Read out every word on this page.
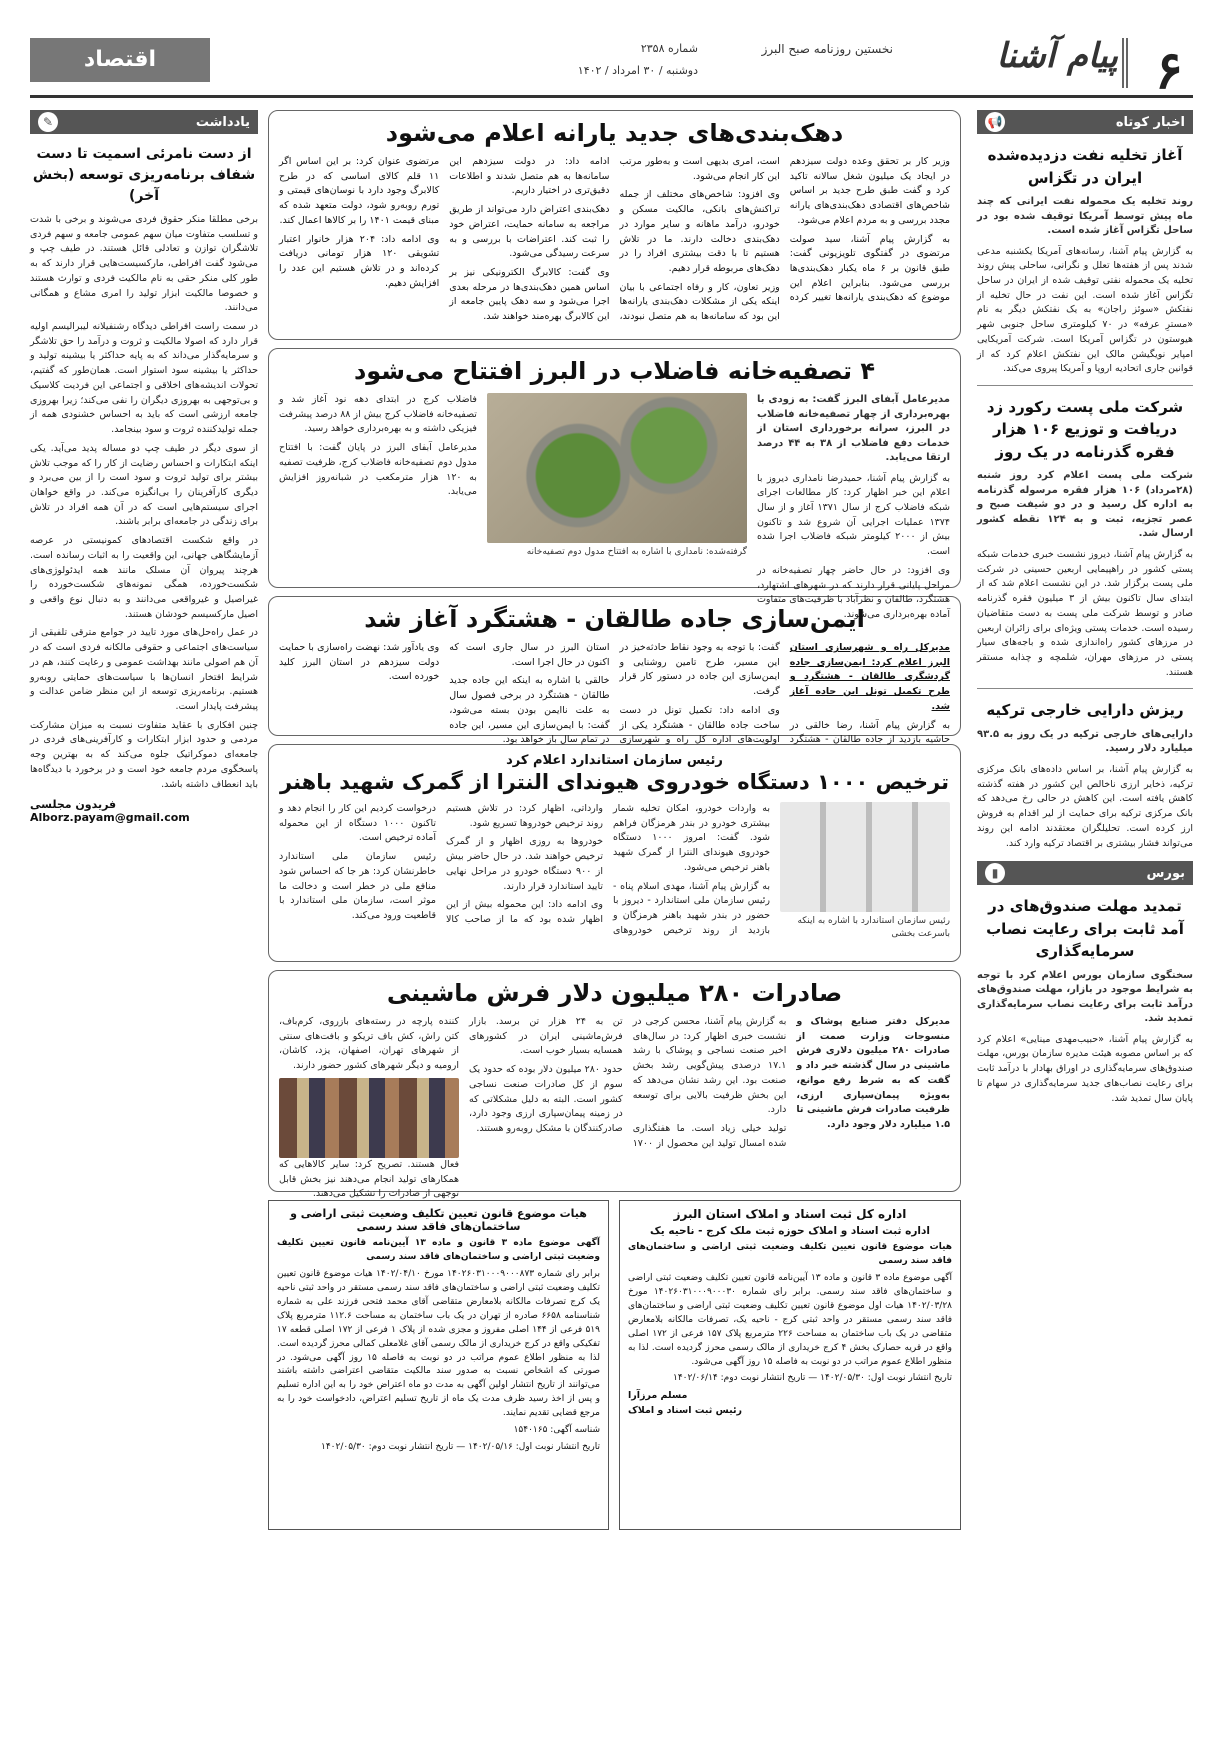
۶
پیام آشنا
نخستین روزنامه صبح البرز
شماره ۲۳۵۸
دوشنبه / ۳۰ امرداد / ۱۴۰۲
اقتصاد
اخبار کوتاه
📢
آغاز تخلیه نفت دزدیده‌شده ایران در تگزاس
روند تخلیه یک محموله نفت ایرانی که چند ماه پیش توسط آمریکا توقیف شده بود در ساحل تگزاس آغاز شده است.

به گزارش پیام آشنا، رسانه‌های آمریکا یکشنبه مدعی شدند پس از هفته‌ها تعلل و نگرانی، ساحلی پیش روند تخلیه یک محموله نفتی توقیف شده از ایران در ساحل تگزاس آغاز شده است. این نفت در حال تخلیه از نفتکش «سوئز راجان» به یک نفتکش دیگر به نام «مسترِ عرفه» در ۷۰ کیلومتری ساحل جنوبی شهر هیوستون در تگزاس آمریکا است. شرکت آمریکایی امپایر نویگیشن مالک این نفتکش اعلام کرد که از قوانین جاری اتحادیه اروپا و آمریکا پیروی می‌کند.

شرکت ملی پست رکورد زد دریافت و توزیع ۱۰۶ هزار فقره گذرنامه در یک روز
شرکت ملی پست اعلام کرد روز شنبه (۲۸مرداد) ۱۰۶ هزار فقره مرسوله گذرنامه به اداره کل رسید و در دو شیفت صبح و عصر تجزیه، ثبت و به ۱۲۴ نقطه کشور ارسال شد.

به گزارش پیام آشنا، دیروز نشست خبری خدمات شبکه پستی کشور در راهپیمایی اربعین حسینی در شرکت ملی پست برگزار شد. در این نشست اعلام شد که از ابتدای سال تاکنون بیش از ۳ میلیون فقره گذرنامه صادر و توسط شرکت ملی پست به دست متقاضیان رسیده است. خدمات پستی ویژه‌ای برای زائران اربعین در مرزهای کشور راه‌اندازی شده و باجه‌های سیار پستی در مرزهای مهران، شلمچه و چذابه مستقر هستند.

ریزش دارایی خارجی ترکیه
دارایی‌های خارجی ترکیه در یک روز به ۹۳.۵ میلیارد دلار رسید.

به گزارش پیام آشنا، بر اساس داده‌های بانک مرکزی ترکیه، ذخایر ارزی ناخالص این کشور در هفته گذشته کاهش یافته است. این کاهش در حالی رخ می‌دهد که بانک مرکزی ترکیه برای حمایت از لیر اقدام به فروش ارز کرده است. تحلیلگران معتقدند ادامه این روند می‌تواند فشار بیشتری بر اقتصاد ترکیه وارد کند.

بورس
▮
تمدید مهلت صندوق‌های در آمد ثابت برای رعایت نصاب سرمایه‌گذاری
سخنگوی سازمان بورس اعلام کرد با توجه به شرایط موجود در بازار، مهلت صندوق‌های درآمد ثابت برای رعایت نصاب سرمایه‌گذاری تمدید شد.

به گزارش پیام آشنا، «حبیب‌مهدی مینایی» اعلام کرد که بر اساس مصوبه هیئت مدیره سازمان بورس، مهلت صندوق‌های سرمایه‌گذاری در اوراق بهادار با درآمد ثابت برای رعایت نصاب‌های جدید سرمایه‌گذاری در سهام تا پایان سال تمدید شد.

یادداشت
✎
از دست نامرئی اسمیت تا دست شفاف برنامه‌ریزی توسعه (بخش آخر)

برخی مطلقا منکر حقوق فردی می‌شوند و برخی با شدت و تسلسب متفاوت میان سهم عمومی جامعه و سهم فردی تلاشگران توازن و تعادلی قائل هستند. در طیف چپ و می‌شود گفت افراطی، مارکسیست‌هایی قرار دارند که به طور کلی منکر حقی به نام مالکیت فردی و توارث هستند و خصوصا مالکیت ابزار تولید را امری مشاع و همگانی می‌دانند.

در سمت راست افراطی دیدگاه رشنفیلانه لیبرالیسم اولیه قرار دارد که اصولا مالکیت و ثروت و درآمد را حق تلاشگر و سرمایه‌گذار می‌داند که به پایه حداکثر یا بیشینه تولید و حداکثر یا بیشینه سود استوار است. همان‌طور که گفتیم، تحولات اندیشه‌های اخلاقی و اجتماعی این فردیت کلاسیک و بی‌توجهی به بهروزی دیگران را نفی می‌کند؛ زیرا بهروزی جامعه ارزشی است که باید به احساس خشنودی همه از جمله تولیدکننده ثروت و سود بینجامد.

از سوی دیگر در طیف چپ دو مساله پدید می‌آید. یکی اینکه ابتکارات و احساس رضایت از کار را که موجب تلاش بیشتر برای تولید ثروت و سود است را از بین می‌برد و دیگری کارآفرینان را بی‌انگیزه می‌کند. در واقع خواهان اجرای سیستم‌هایی است که در آن همه افراد در تلاش برای زندگی در جامعه‌ای برابر باشند.

در واقع شکست اقتصادهای کمونیستی در عرصه آزمایشگاهی جهانی، این واقعیت را به اثبات رسانده است. هرچند پیروان آن مسلک مانند همه ایدئولوژی‌های شکست‌خورده، همگی نمونه‌های شکست‌خورده را غیراصیل و غیرواقعی می‌دانند و به دنبال نوع واقعی و اصیل مارکسیسم خودشان هستند.

در عمل راه‌حل‌های مورد تایید در جوامع مترقی تلفیقی از سیاست‌های اجتماعی و حقوقی مالکانه فردی است که در آن هم اصولی مانند بهداشت عمومی و رعایت کنند، هم در شرایط افتخار انسان‌ها با سیاست‌های حمایتی روبه‌رو هستیم. برنامه‌ریزی توسعه از این منظر ضامن عدالت و پیشرفت پایدار است.

چنین افکاری با عقاید متفاوت نسبت به میزان مشارکت مردمی و حدود ابزار ابتکارات و کارآفرینی‌های فردی در جامعه‌ای دموکراتیک جلوه می‌کند که به بهترین وجه پاسخگوی مردم جامعه خود است و در برخورد با دیدگاه‌ها باید انعطاف داشته باشد.

فریدون مجلسی
Alborz.payam@gmail.com
دهک‌بندی‌های جدید یارانه اعلام می‌شود

وزیر کار بر تحقق وعده دولت سیزدهم در ایجاد یک میلیون شغل سالانه تاکید کرد و گفت طبق طرح جدید بر اساس شاخص‌های اقتصادی دهک‌بندی‌های یارانه مجدد بررسی و به مردم اعلام می‌شود.

به گزارش پیام آشنا، سید صولت مرتضوی در گفتگوی تلویزیونی گفت: طبق قانون بر ۶ ماه یکبار دهک‌بندی‌ها بررسی می‌شود. بنابراین اعلام این موضوع که دهک‌بندی یارانه‌ها تغییر کرده است، امری بدیهی است و به‌طور مرتب این کار انجام می‌شود.

وی افزود: شاخص‌های مختلف از جمله تراکنش‌های بانکی، مالکیت مسکن و خودرو، درآمد ماهانه و سایر موارد در دهک‌بندی دخالت دارند. ما در تلاش هستیم تا با دقت بیشتری افراد را در دهک‌های مربوطه قرار دهیم.

وزیر تعاون، کار و رفاه اجتماعی با بیان اینکه یکی از مشکلات دهک‌بندی یارانه‌ها این بود که سامانه‌ها به هم متصل نبودند، ادامه داد: در دولت سیزدهم این سامانه‌ها به هم متصل شدند و اطلاعات دقیق‌تری در اختیار داریم.

دهک‌بندی اعتراض دارد می‌تواند از طریق مراجعه به سامانه حمایت، اعتراض خود را ثبت کند. اعتراضات با بررسی و به سرعت رسیدگی می‌شود.

وی گفت: کالابرگ الکترونیکی نیز بر اساس همین دهک‌بندی‌ها در مرحله بعدی اجرا می‌شود و سه دهک پایین جامعه از این کالابرگ بهره‌مند خواهند شد.

مرتضوی عنوان کرد: بر این اساس اگر ۱۱ قلم کالای اساسی که در طرح کالابرگ وجود دارد با نوسان‌های قیمتی و تورم روبه‌رو شود، دولت متعهد شده که مبنای قیمت ۱۴۰۱ را بر کالاها اعمال کند.

وی ادامه داد: ۲۰۴ هزار خانوار اعتبار تشویقی ۱۲۰ هزار تومانی دریافت کرده‌اند و در تلاش هستیم این عدد را افزایش دهیم.

۴ تصفیه‌خانه فاضلاب در البرز افتتاح می‌شود
مدیرعامل آبفای البرز گفت: به زودی با بهره‌برداری از چهار تصفیه‌خانه فاضلاب در البرز، سرانه برخورداری استان از خدمات دفع فاضلاب از ۳۸ به ۴۴ درصد ارتقا می‌یابد.

به گزارش پیام آشنا، حمیدرضا نامداری دیروز با اعلام این خبر اظهار کرد: کار مطالعات اجرای شبکه فاضلاب کرج از سال ۱۳۷۱ آغاز و از سال ۱۳۷۴ عملیات اجرایی آن شروع شد و تاکنون بیش از ۲۰۰۰ کیلومتر شبکه فاضلاب اجرا شده است.

وی افزود: در حال حاضر چهار تصفیه‌خانه در مراحل پایانی قرار دارند که در شهرهای اشتهارد، هشتگرد، طالقان و نظرآباد با ظرفیت‌های متفاوت آماده بهره‌برداری می‌شوند.

گرفته‌شده: نامداری با اشاره به افتتاح مدول دوم تصفیه‌خانه

فاضلاب کرج در ابتدای دهه نود آغاز شد و تصفیه‌خانه فاضلاب کرج بیش از ۸۸ درصد پیشرفت فیزیکی داشته و به بهره‌برداری خواهد رسید.

مدیرعامل آبفای البرز در پایان گفت: با افتتاح مدول دوم تصفیه‌خانه فاضلاب کرج، ظرفیت تصفیه به ۱۲۰ هزار مترمکعب در شبانه‌روز افزایش می‌یابد.

ایمن‌سازی جاده طالقان - هشتگرد آغاز شد

مدیرکل راه و شهرسازی استان البرز اعلام کرد: ایمن‌سازی جاده گردشگری طالقان - هشتگرد و طرح تکمیل تونل این جاده آغاز شد.

به گزارش پیام آشنا، رضا خالقی در حاشیه بازدید از جاده طالقان - هشتگرد گفت: با توجه به وجود نقاط حادثه‌خیز در این مسیر، طرح تامین روشنایی و ایمن‌سازی این جاده در دستور کار قرار گرفت.

وی ادامه داد: تکمیل تونل در دست ساخت جاده طالقان - هشتگرد یکی از اولویت‌های اداره کل راه و شهرسازی استان البرز در سال جاری است که اکنون در حال اجرا است.

خالقی با اشاره به اینکه این جاده جدید طالقان - هشتگرد در برخی فصول سال به علت ناایمن بودن بسته می‌شود، گفت: با ایمن‌سازی این مسیر، این جاده در تمام سال باز خواهد بود.

وی یادآور شد: نهضت راه‌سازی با حمایت دولت سیزدهم در استان البرز کلید خورده است.

رئیس سازمان استاندارد اعلام کرد
ترخیص ۱۰۰۰ دستگاه خودروی هیوندای النترا از گمرک شهید باهنر
رئیس سازمان استاندارد با اشاره به اینکه باسرعت بخشی

به واردات خودرو، امکان تخلیه شمار بیشتری خودرو در بندر هرمزگان فراهم شود. گفت: امروز ۱۰۰۰ دستگاه خودروی هیوندای النترا از گمرک شهید باهنر ترخیص می‌شود.

به گزارش پیام آشنا، مهدی اسلام پناه - رئیس سازمان ملی استاندارد - دیروز با حضور در بندر شهید باهنر هرمزگان و بازدید از روند ترخیص خودروهای وارداتی، اظهار کرد: در تلاش هستیم روند ترخیص خودروها تسریع شود.

خودروها به روزی اظهار و از گمرک ترخیص خواهند شد. در حال حاضر بیش از ۹۰۰ دستگاه خودرو در مراحل نهایی تایید استاندارد قرار دارند.

وی ادامه داد: این محموله بیش از این اظهار شده بود که ما از صاحب کالا درخواست کردیم این کار را انجام دهد و تاکنون ۱۰۰۰ دستگاه از این محموله آماده ترخیص است.

رئیس سازمان ملی استاندارد خاطرنشان کرد: هر جا که احساس شود منافع ملی در خطر است و دخالت ما موثر است، سازمان ملی استاندارد با قاطعیت ورود می‌کند.

صادرات ۲۸۰ میلیون دلار فرش ماشینی

مدیرکل دفتر صنایع پوشاک و منسوجات وزارت صمت از صادرات ۲۸۰ میلیون دلاری فرش ماشینی در سال گذشته خبر داد و گفت که به شرط رفع موانع، به‌ویژه پیمان‌سپاری ارزی، ظرفیت صادرات فرش ماشینی تا ۱.۵ میلیارد دلار وجود دارد.

به گزارش پیام آشنا، محسن کرجی در نشست خبری اظهار کرد: در سال‌های اخیر صنعت نساجی و پوشاک با رشد ۱۷.۱ درصدی پیش‌گویی رشد بخش صنعت بود. این رشد نشان می‌دهد که این بخش ظرفیت بالایی برای توسعه دارد.

تولید خیلی زیاد است. ما هفتگذاری شده امسال تولید این محصول از ۱۷۰۰ تن به ۲۴ هزار تن برسد. بازار فرش‌ماشینی ایران در کشورهای همسایه بسیار خوب است.

حدود ۲۸۰ میلیون دلار بوده که حدود یک سوم از کل صادرات صنعت نساجی کشور است. البته به دلیل مشکلاتی که در زمینه پیمان‌سپاری ارزی وجود دارد، صادرکنندگان با مشکل روبه‌رو هستند.

کننده پارچه در رسته‌های بازروی، کرم‌باف، کتن راش، کش باف تریکو و بافت‌های سنتی از شهرهای تهران، اصفهان، یزد، کاشان، ارومیه و دیگر شهرهای کشور حضور دارند.

فعال هستند. تصریح کرد: سایر کالاهایی که همکارهای تولید انجام می‌دهند نیز بخش قابل توجهی از صادرات را تشکیل می‌دهند.

اداره کل ثبت اسناد و املاک استان البرز
اداره ثبت اسناد و املاک حوزه ثبت ملک کرج - ناحیه یک

هیات موضوع قانون تعیین تکلیف وضعیت ثبتی اراضی و ساختمان‌های فاقد سند رسمی

آگهی موضوع ماده ۳ قانون و ماده ۱۳ آیین‌نامه قانون تعیین تکلیف وضعیت ثبتی اراضی و ساختمان‌های فاقد سند رسمی. برابر رای شماره ۱۴۰۲۶۰۳۱۰۰۰۹۰۰۰۳۰ مورخ ۱۴۰۲/۰۳/۲۸ هیات اول موضوع قانون تعیین تکلیف وضعیت ثبتی اراضی و ساختمان‌های فاقد سند رسمی مستقر در واحد ثبتی کرج - ناحیه یک، تصرفات مالکانه بلامعارض متقاضی در یک باب ساختمان به مساحت ۲۲۶ مترمربع پلاک ۱۵۷ فرعی از ۱۷۲ اصلی واقع در قریه حصارک بخش ۴ کرج خریداری از مالک رسمی محرز گردیده است. لذا به منظور اطلاع عموم مراتب در دو نوبت به فاصله ۱۵ روز آگهی می‌شود.

تاریخ انتشار نوبت اول: ۱۴۰۲/۰۵/۳۰ — تاریخ انتشار نوبت دوم: ۱۴۰۲/۰۶/۱۴

مسلم مرزآرا
رئیس ثبت اسناد و املاک
هیات موضوع قانون تعیین تکلیف وضعیت ثبتی اراضی و ساختمان‌های فاقد سند رسمی

آگهی موضوع ماده ۳ قانون و ماده ۱۳ آیین‌نامه قانون تعیین تکلیف وضعیت ثبتی اراضی و ساختمان‌های فاقد سند رسمی

برابر رای شماره ۱۴۰۲۶۰۳۱۰۰۰۹۰۰۰۸۷۳ مورخ ۱۴۰۲/۰۴/۱۰ هیات موضوع قانون تعیین تکلیف وضعیت ثبتی اراضی و ساختمان‌های فاقد سند رسمی مستقر در واحد ثبتی ناحیه یک کرج تصرفات مالکانه بلامعارض متقاضی آقای محمد فتحی فرزند علی به شماره شناسنامه ۶۶۵۸ صادره از تهران در یک باب ساختمان به مساحت ۱۱۲.۶ مترمربع پلاک ۵۱۹ فرعی از ۱۴۴ اصلی مفروز و مجزی شده از پلاک ۱ فرعی از ۱۷۲ اصلی قطعه ۱۷ تفکیکی واقع در کرج خریداری از مالک رسمی آقای غلامعلی کمالی محرز گردیده است. لذا به منظور اطلاع عموم مراتب در دو نوبت به فاصله ۱۵ روز آگهی می‌شود. در صورتی که اشخاص نسبت به صدور سند مالکیت متقاضی اعتراضی داشته باشند می‌توانند از تاریخ انتشار اولین آگهی به مدت دو ماه اعتراض خود را به این اداره تسلیم و پس از اخذ رسید ظرف مدت یک ماه از تاریخ تسلیم اعتراض، دادخواست خود را به مرجع قضایی تقدیم نمایند.

شناسه آگهی: ۱۵۴۰۱۶۵

تاریخ انتشار نوبت اول: ۱۴۰۲/۰۵/۱۶ — تاریخ انتشار نوبت دوم: ۱۴۰۲/۰۵/۳۰
